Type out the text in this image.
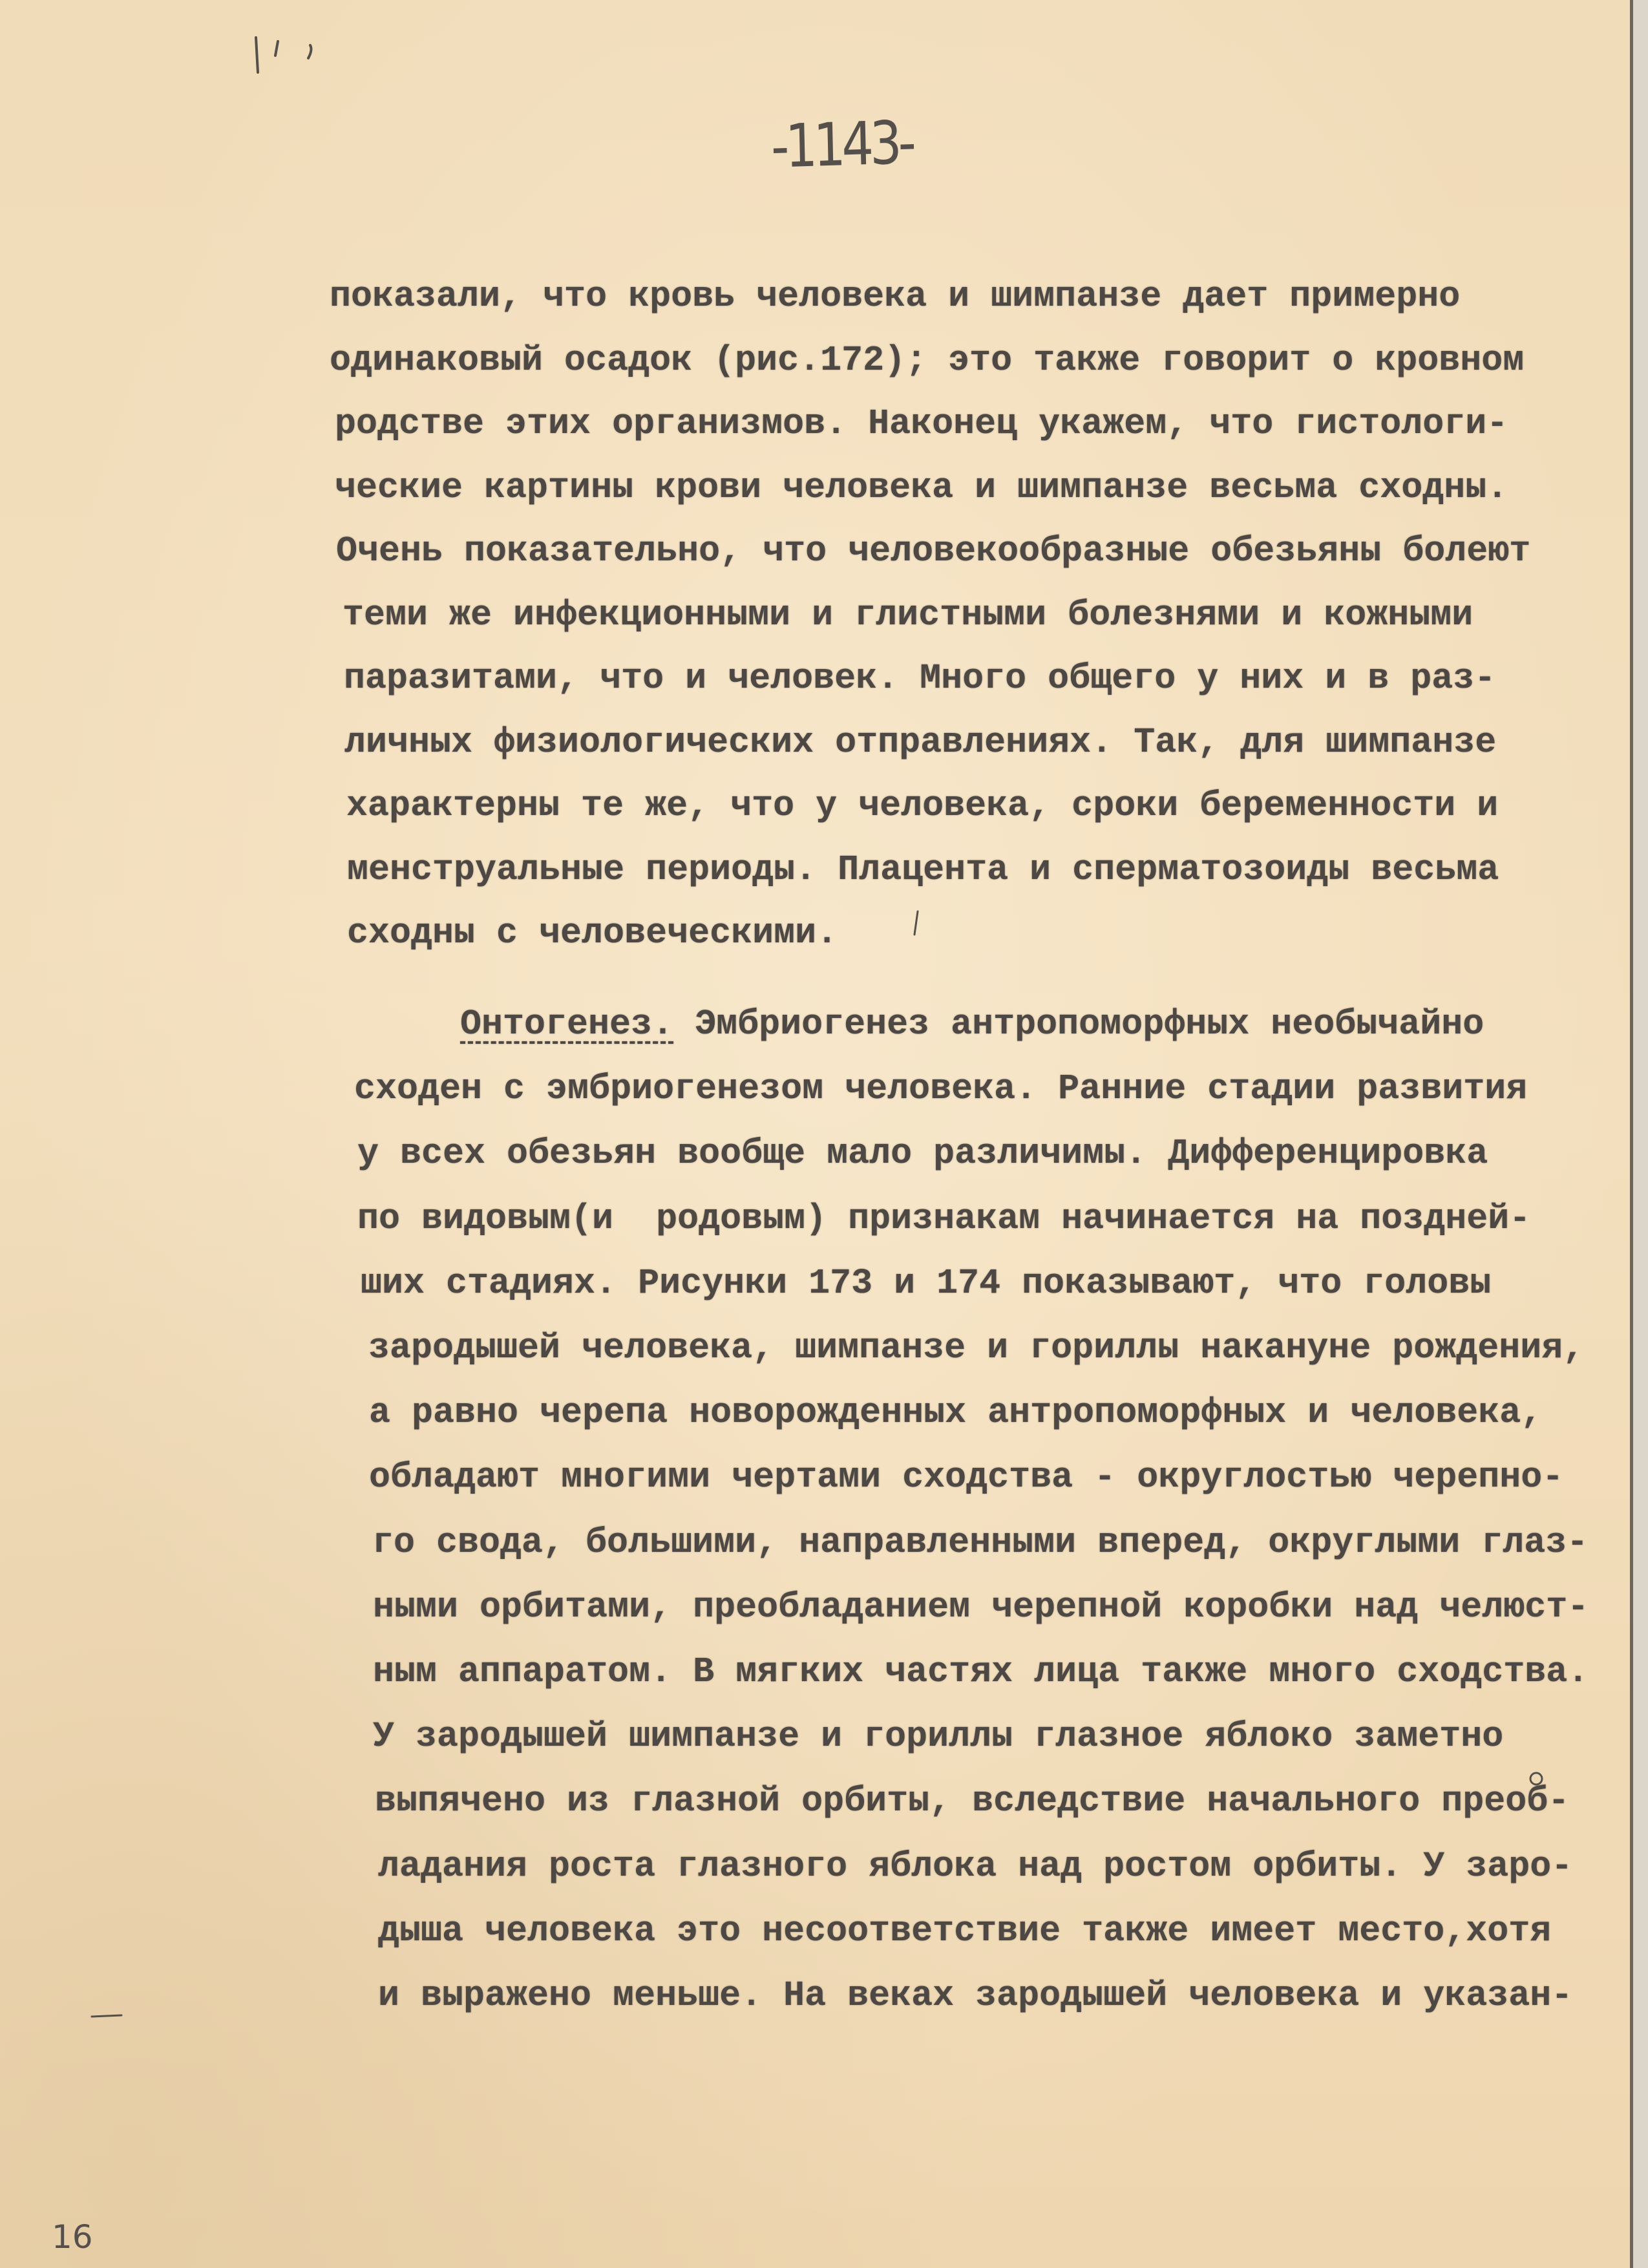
-1143-
показали, что кровь человека и шимпанзе дает примерно
одинаковый осадок (рис.172); это также говорит о кровном
родстве этих организмов. Наконец укажем, что гистологи-
ческие картины крови человека и шимпанзе весьма сходны.
Очень показательно, что человекообразные обезьяны болеют
теми же инфекционными и глистными болезнями и кожными
паразитами, что и человек. Много общего у них и в раз-
личных физиологических отправлениях. Так, для шимпанзе
характерны те же, что у человека, сроки беременности и
менструальные периоды. Плацента и сперматозоиды весьма
сходны с человеческими.
Онтогенез. Эмбриогенез антропоморфных необычайно
сходен с эмбриогенезом человека. Ранние стадии развития
у всех обезьян вообще мало различимы. Дифференцировка
по видовым(и  родовым) признакам начинается на поздней-
ших стадиях. Рисунки 173 и 174 показывают, что головы
зародышей человека, шимпанзе и гориллы накануне рождения,
а равно черепа новорожденных антропоморфных и человека,
обладают многими чертами сходства - округлостью черепно-
го свода, большими, направленными вперед, округлыми глаз-
ными орбитами, преобладанием черепной коробки над челюст-
ным аппаратом. В мягких частях лица также много сходства.
У зародышей шимпанзе и гориллы глазное яблоко заметно
выпячено из глазной орбиты, вследствие начального преоб-
ладания роста глазного яблока над ростом орбиты. У заро-
дыша человека это несоответствие также имеет место,хотя
и выражено меньше. На веках зародышей человека и указан-
16
